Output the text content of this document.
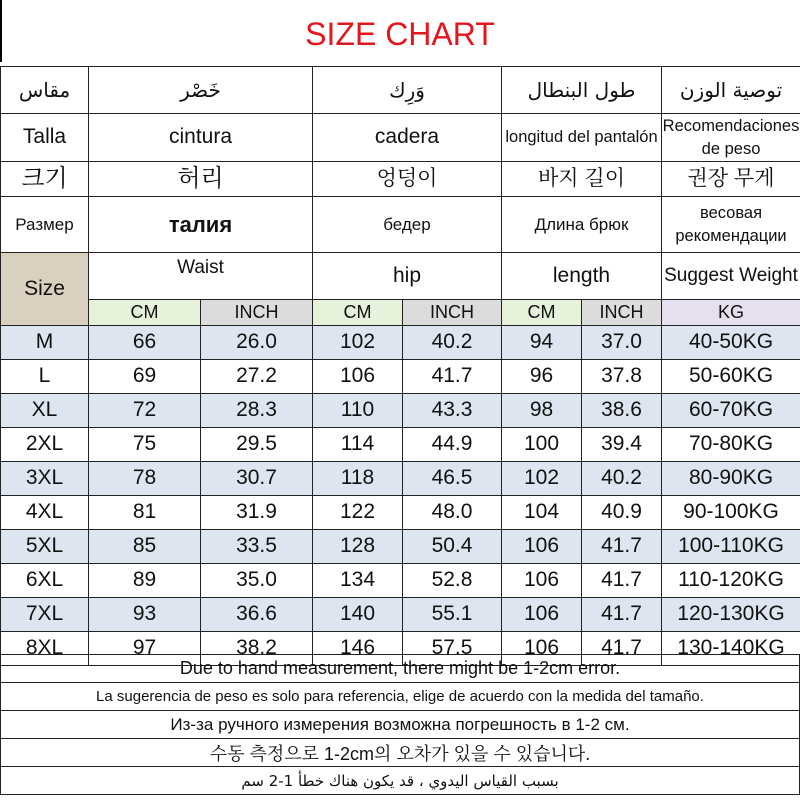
SIZE CHART
مقاس	خَصْر		وَرِك		طول البنطال		توصية الوزن
Talla	cintura		cadera		longitud del pantalón		Recomendaciones de peso
크기	허리		엉덩이		바지 길이		권장 무게
Размер	талия		бедер		Длина брюк		весовая рекомендации
Size	Waist		hip		length		Suggest Weight
	CM	INCH	CM	INCH	CM	INCH	KG
M	66	26.0	102	40.2	94	37.0	40-50KG
L	69	27.2	106	41.7	96	37.8	50-60KG
XL	72	28.3	110	43.3	98	38.6	60-70KG
2XL	75	29.5	114	44.9	100	39.4	70-80KG
3XL	78	30.7	118	46.5	102	40.2	80-90KG
4XL	81	31.9	122	48.0	104	40.9	90-100KG
5XL	85	33.5	128	50.4	106	41.7	100-110KG
6XL	89	35.0	134	52.8	106	41.7	110-120KG
7XL	93	36.6	140	55.1	106	41.7	120-130KG
8XL	97	38.2	146	57.5	106	41.7	130-140KG
Due to hand measurement, there might be 1-2cm error.
La sugerencia de peso es solo para referencia, elige de acuerdo con la medida del tamaño.
Из-за ручного измерения возможна погрешность в 1-2 см.
수동 측정으로 1-2cm의 오차가 있을 수 있습니다.
بسبب القياس اليدوي ، قد يكون هناك خطأ 1-2 سم
